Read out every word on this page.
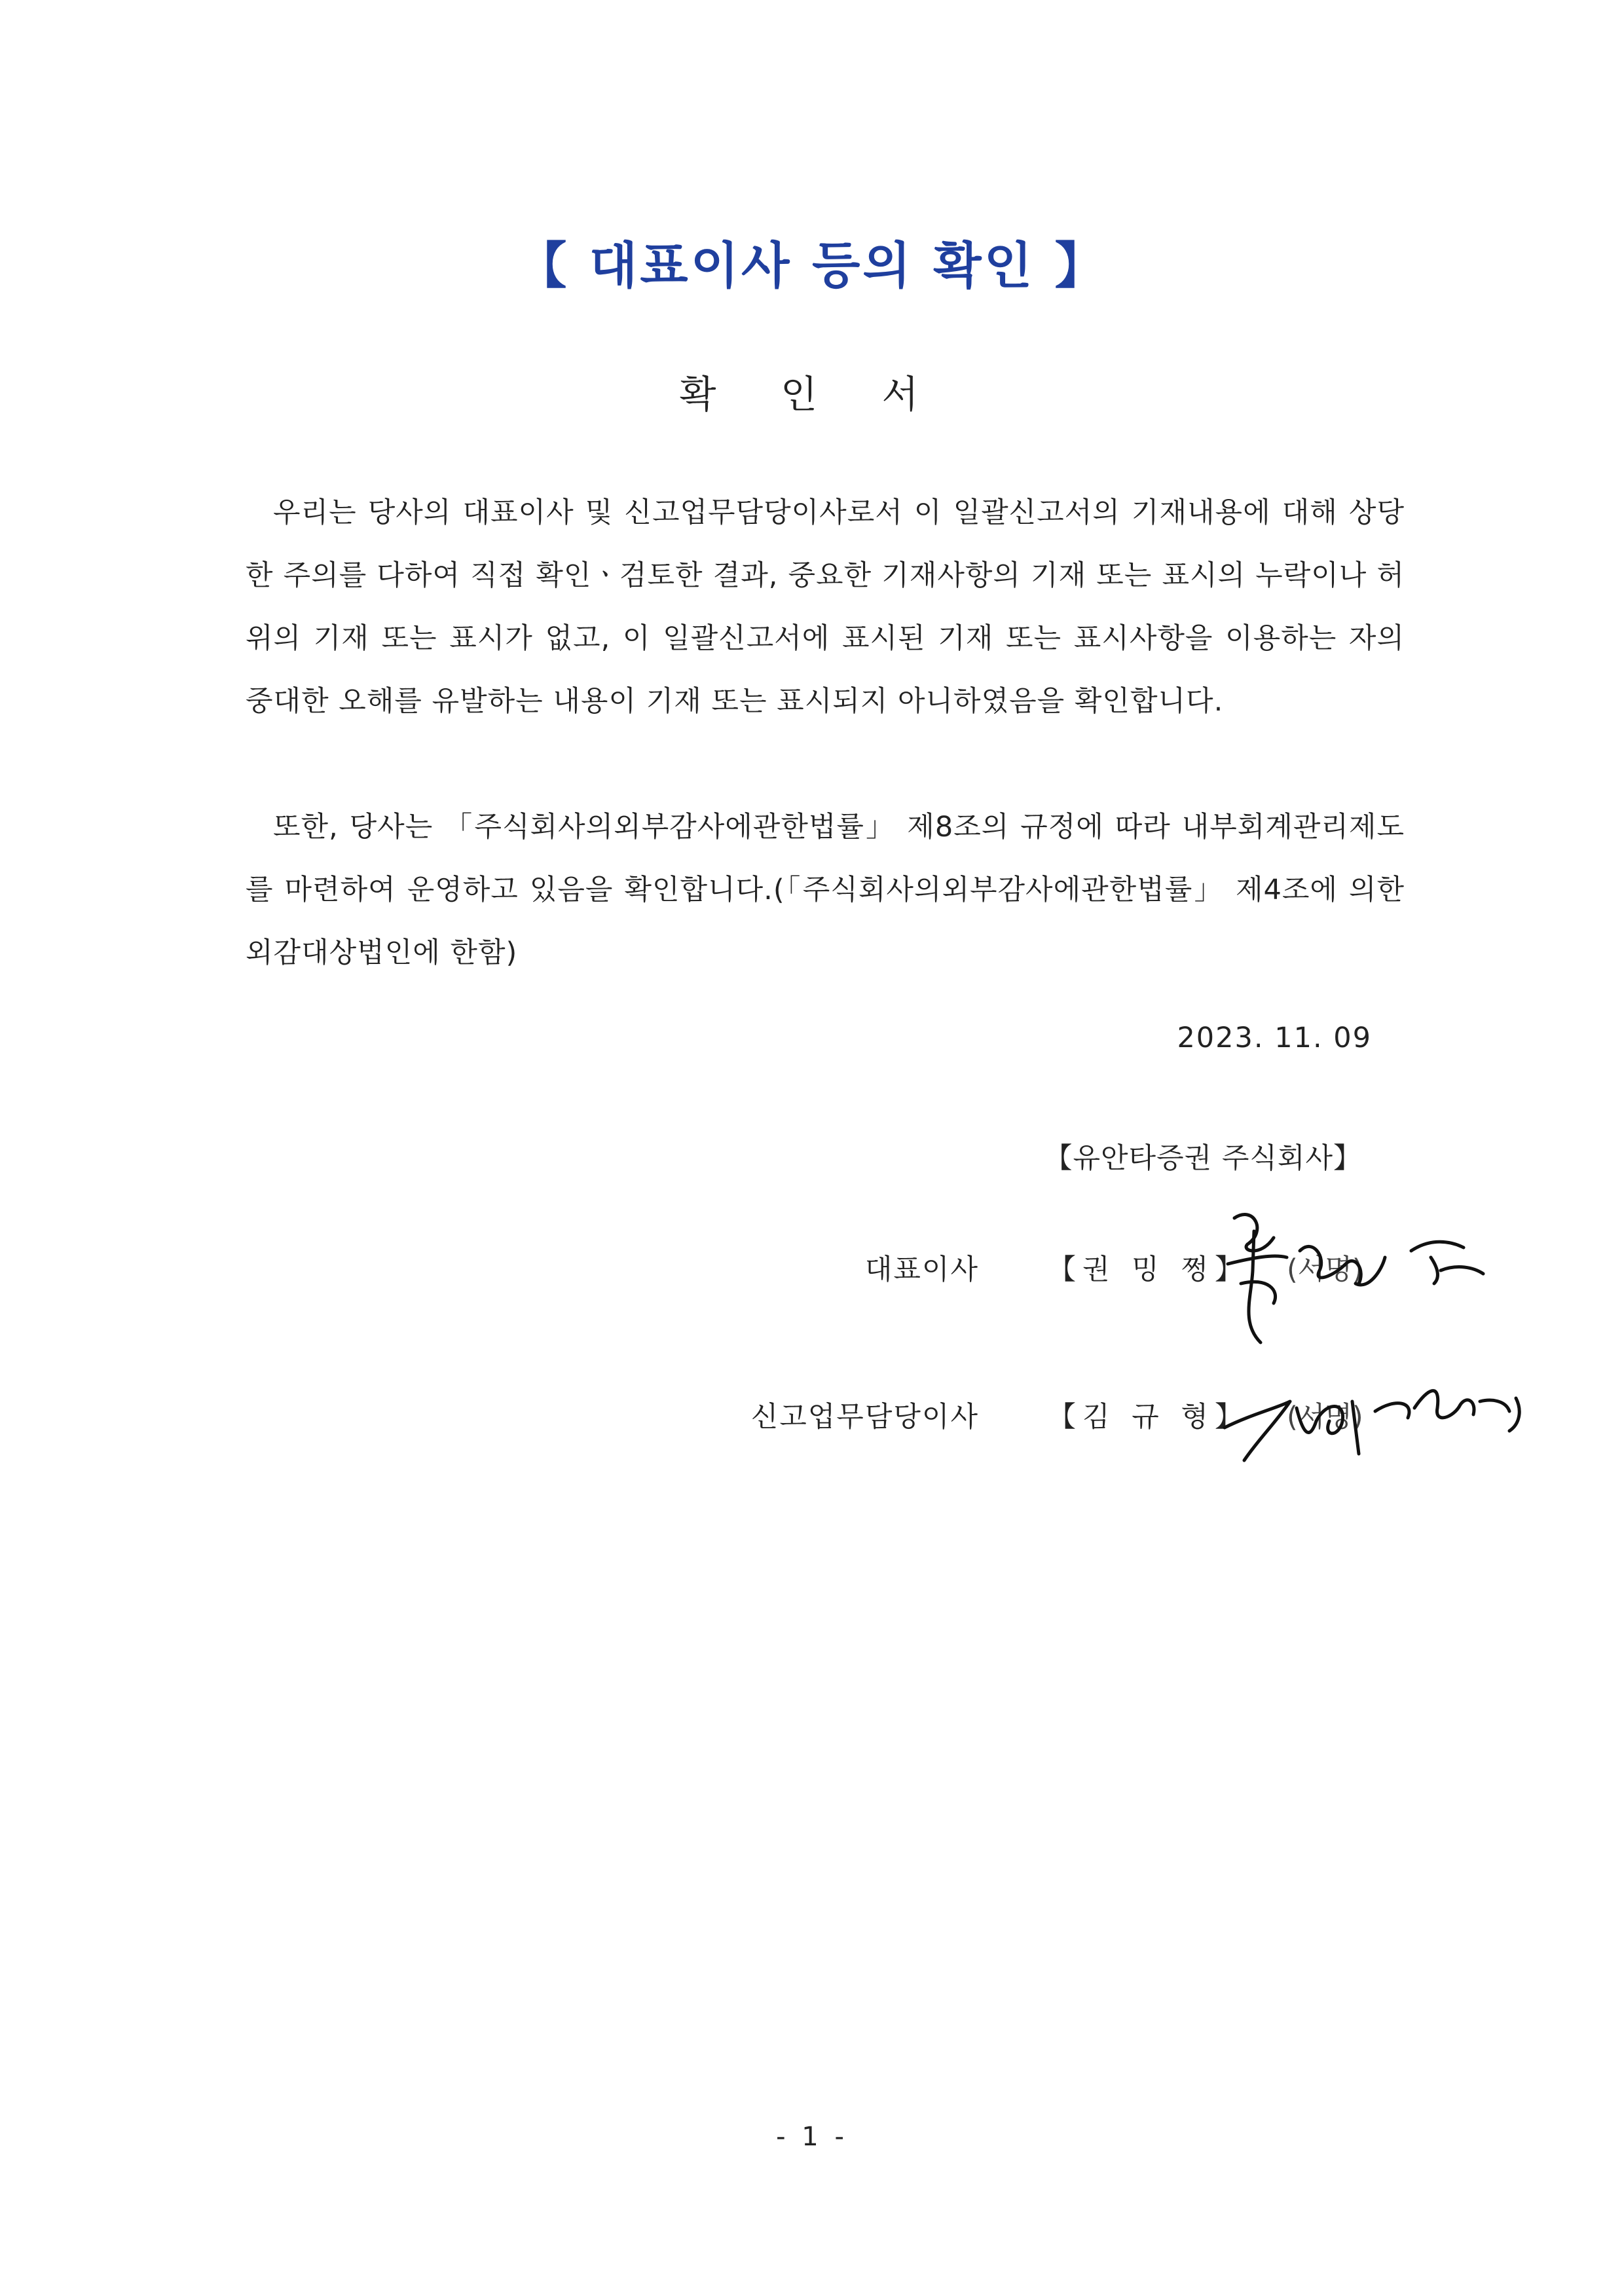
【 대표이사 등의 확인 】
확 인 서
우리는 당사의 대표이사 및 신고업무담당이사로서 이 일괄신고서의 기재내용에 대해 상당한 주의를 다하여 직접 확인ㆍ검토한 결과, 중요한 기재사항의 기재 또는 표시의 누락이나 허위의 기재 또는 표시가 없고, 이 일괄신고서에 표시된 기재 또는 표시사항을 이용하는 자의 중대한 오해를 유발하는 내용이 기재 또는 표시되지 아니하였음을 확인합니다.
또한, 당사는 「주식회사의외부감사에관한법률」 제8조의 규정에 따라 내부회계관리제도를 마련하여 운영하고 있음을 확인합니다.(「주식회사의외부감사에관한법률」 제4조에 의한 외감대상법인에 한함)
2023. 11. 09
【유안타증권 주식회사】
대표이사 【권 밍 쩡】 (서명)
신고업무담당이사 【김 규 형】 (서명)
- 1 -
